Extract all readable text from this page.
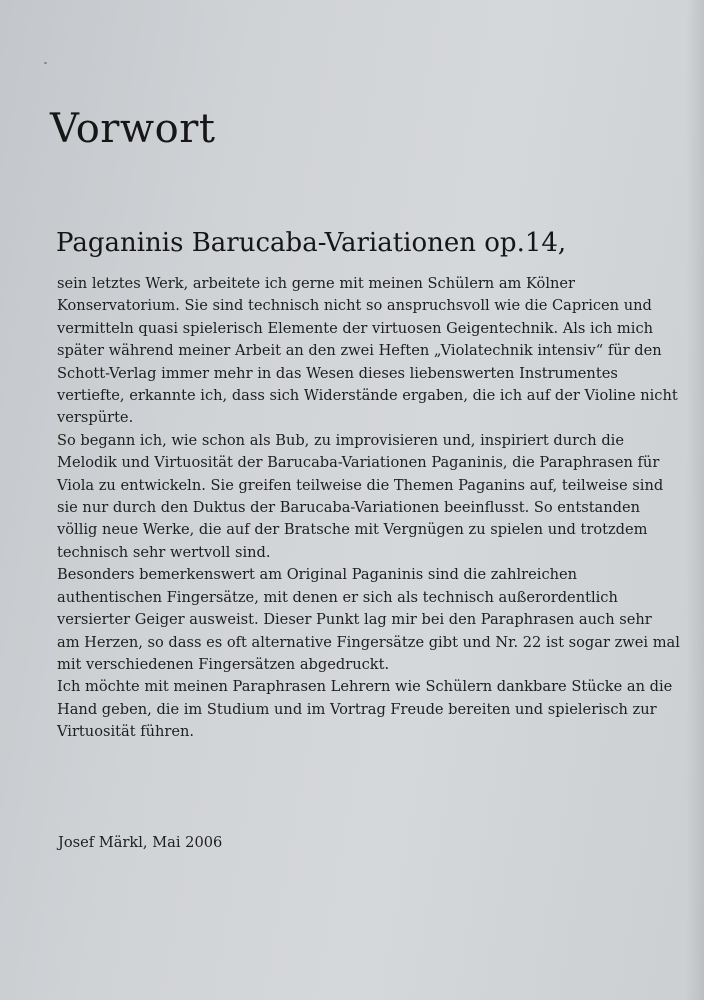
Vorwort
Paganinis Barucaba-Variationen op.14,
sein letztes Werk, arbeitete ich gerne mit meinen Schülern am Kölner
Konservatorium. Sie sind technisch nicht so anspruchsvoll wie die Capricen und
vermitteln quasi spielerisch Elemente der virtuosen Geigentechnik. Als ich mich
später während meiner Arbeit an den zwei Heften „Violatechnik intensiv“ für den
Schott-Verlag immer mehr in das Wesen dieses liebenswerten Instrumentes
vertiefte, erkannte ich, dass sich Widerstände ergaben, die ich auf der Violine nicht
verspürte.
So begann ich, wie schon als Bub, zu improvisieren und, inspiriert durch die
Melodik und Virtuosität der Barucaba-Variationen Paganinis, die Paraphrasen für
Viola zu entwickeln. Sie greifen teilweise die Themen Paganins auf, teilweise sind
sie nur durch den Duktus der Barucaba-Variationen beeinflusst. So entstanden
völlig neue Werke, die auf der Bratsche mit Vergnügen zu spielen und trotzdem
technisch sehr wertvoll sind.
Besonders bemerkenswert am Original Paganinis sind die zahlreichen
authentischen Fingersätze, mit denen er sich als technisch außerordentlich
versierter Geiger ausweist. Dieser Punkt lag mir bei den Paraphrasen auch sehr
am Herzen, so dass es oft alternative Fingersätze gibt und Nr. 22 ist sogar zwei mal
mit verschiedenen Fingersätzen abgedruckt.
Ich möchte mit meinen Paraphrasen Lehrern wie Schülern dankbare Stücke an die
Hand geben, die im Studium und im Vortrag Freude bereiten und spielerisch zur
Virtuosität führen.

Josef Märkl, Mai 2006
